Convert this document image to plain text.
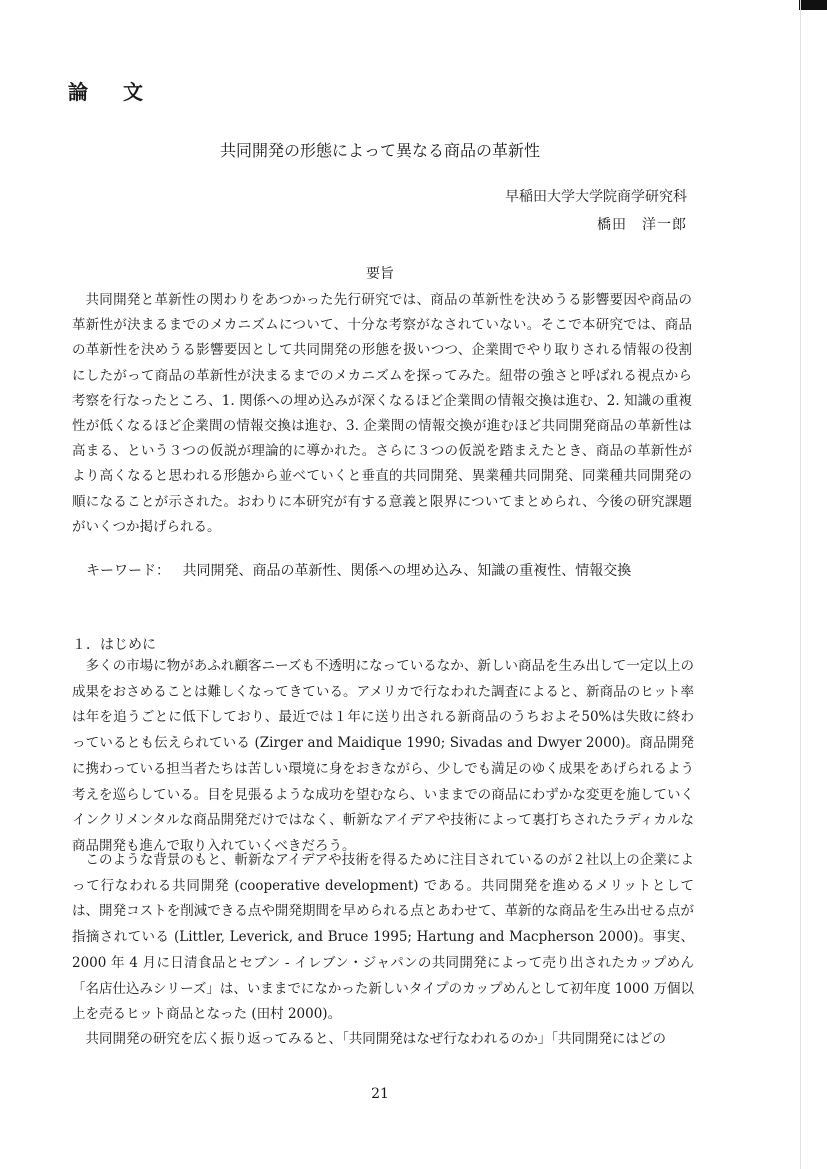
論 文
共同開発の形態によって異なる商品の革新性
早稲田大学大学院商学研究科
橋田　洋一郎
要旨

共同開発と革新性の関わりをあつかった先行研究では、商品の革新性を決めうる影響要因や商品の革新性が決まるまでのメカニズムについて、十分な考察がなされていない。そこで本研究では、商品の革新性を決めうる影響要因として共同開発の形態を扱いつつ、企業間でやり取りされる情報の役割にしたがって商品の革新性が決まるまでのメカニズムを探ってみた。紐帯の強さと呼ばれる視点から考察を行なったところ、1. 関係への埋め込みが深くなるほど企業間の情報交換は進む、2. 知識の重複性が低くなるほど企業間の情報交換は進む、3. 企業間の情報交換が進むほど共同開発商品の革新性は高まる、という３つの仮説が理論的に導かれた。さらに３つの仮説を踏まえたとき、商品の革新性がより高くなると思われる形態から並べていくと垂直的共同開発、異業種共同開発、同業種共同開発の順になることが示された。おわりに本研究が有する意義と限界についてまとめられ、今後の研究課題がいくつか掲げられる。

キーワード： 共同開発、商品の革新性、関係への埋め込み、知識の重複性、情報交換
１．はじめに

多くの市場に物があふれ顧客ニーズも不透明になっているなか、新しい商品を生み出して一定以上の成果をおさめることは難しくなってきている。アメリカで行なわれた調査によると、新商品のヒット率は年を追うごとに低下しており、最近では１年に送り出される新商品のうちおよそ50%は失敗に終わっているとも伝えられている (Zirger and Maidique 1990; Sivadas and Dwyer 2000)。商品開発に携わっている担当者たちは苦しい環境に身をおきながら、少しでも満足のゆく成果をあげられるよう考えを巡らしている。目を見張るような成功を望むなら、いままでの商品にわずかな変更を施していくインクリメンタルな商品開発だけではなく、斬新なアイデアや技術によって裏打ちされたラディカルな商品開発も進んで取り入れていくべきだろう。

このような背景のもと、斬新なアイデアや技術を得るために注目されているのが２社以上の企業によって行なわれる共同開発 (cooperative development) である。共同開発を進めるメリットとしては、開発コストを削減できる点や開発期間を早められる点とあわせて、革新的な商品を生み出せる点が指摘されている (Littler, Leverick, and Bruce 1995; Hartung and Macpherson 2000)。事実、2000 年 4 月に日清食品とセブン - イレブン・ジャパンの共同開発によって売り出されたカップめん「名店仕込みシリーズ」は、いままでになかった新しいタイプのカップめんとして初年度 1000 万個以上を売るヒット商品となった (田村 2000)。

共同開発の研究を広く振り返ってみると、「共同開発はなぜ行なわれるのか」「共同開発にはどの

21
